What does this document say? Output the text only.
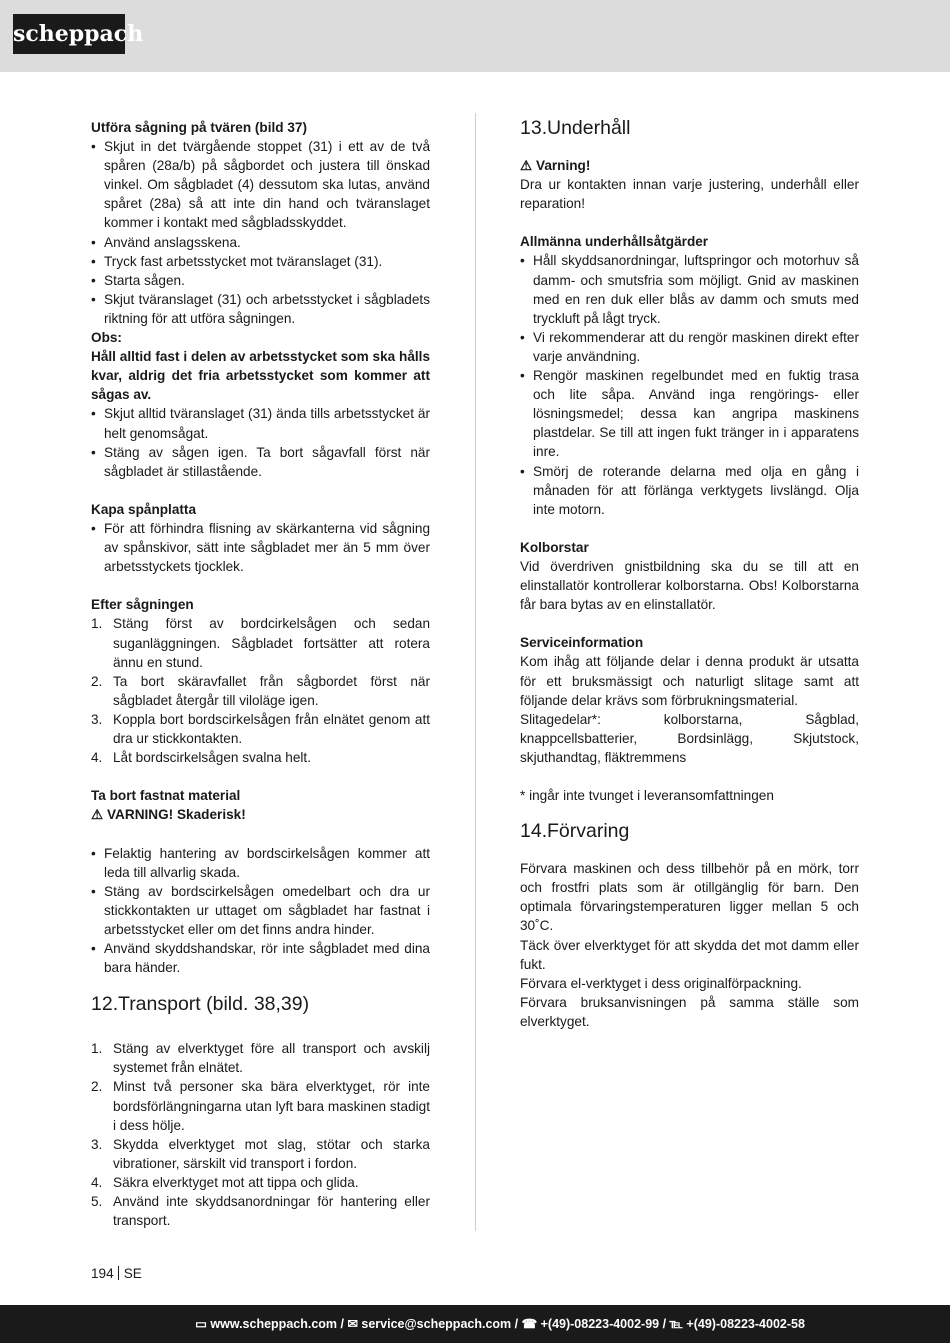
scheppach
Utföra sågning på tvären (bild 37)
• Skjut in det tvärgående stoppet (31) i ett av de två spåren (28a/b) på sågbordet och justera till önskad vinkel. Om sågbladet (4) dessutom ska lutas, använd spåret (28a) så att inte din hand och tväranslaget kommer i kontakt med sågbladsskyddet.
• Använd anslagsskena.
• Tryck fast arbetsstycket mot tväranslaget (31).
• Starta sågen.
• Skjut tväranslaget (31) och arbetsstycket i sågbladets riktning för att utföra sågningen.
Obs:
Håll alltid fast i delen av arbetsstycket som ska hålls kvar, aldrig det fria arbetsstycket som kommer att sågas av.
• Skjut alltid tväranslaget (31) ända tills arbetsstycket är helt genomsågat.
• Stäng av sågen igen. Ta bort sågavfall först när sågbladet är stillastående.
Kapa spånplatta
• För att förhindra flisning av skärkanterna vid sågning av spånskivor, sätt inte sågbladet mer än 5 mm över arbetsstyckets tjocklek.
Efter sågningen
1. Stäng först av bordcirkelsågen och sedan suganläggningen. Sågbladet fortsätter att rotera ännu en stund.
2. Ta bort skäravfallet från sågbordet först när sågbladet återgår till viloläge igen.
3. Koppla bort bordscirkelsågen från elnätet genom att dra ur stickkontakten.
4. Låt bordscirkelsågen svalna helt.
Ta bort fastnat material
⚠ VARNING! Skaderisk!
• Felaktig hantering av bordscirkelsågen kommer att leda till allvarlig skada.
• Stäng av bordscirkelsågen omedelbart och dra ur stickkontakten ur uttaget om sågbladet har fastnat i arbetsstycket eller om det finns andra hinder.
• Använd skyddshandskar, rör inte sågbladet med dina bara händer.
12.Transport (bild. 38,39)
1. Stäng av elverktyget före all transport och avskilj systemet från elnätet.
2. Minst två personer ska bära elverktyget, rör inte bordsförlängningarna utan lyft bara maskinen stadigt i dess hölje.
3. Skydda elverktyget mot slag, stötar och starka vibrationer, särskilt vid transport i fordon.
4. Säkra elverktyget mot att tippa och glida.
5. Använd inte skyddsanordningar för hantering eller transport.
13.Underhåll
⚠ Varning!
Dra ur kontakten innan varje justering, underhåll eller reparation!
Allmänna underhållsåtgärder
• Håll skyddsanordningar, luftspringor och motorhuv så damm- och smutsfria som möjligt. Gnid av maskinen med en ren duk eller blås av damm och smuts med tryckluft på lågt tryck.
• Vi rekommenderar att du rengör maskinen direkt efter varje användning.
• Rengör maskinen regelbundet med en fuktig trasa och lite såpa. Använd inga rengörings- eller lösningsmedel; dessa kan angripa maskinens plastdelar. Se till att ingen fukt tränger in i apparatens inre.
• Smörj de roterande delarna med olja en gång i månaden för att förlänga verktygets livslängd. Olja inte motorn.
Kolborstar
Vid överdriven gnistbildning ska du se till att en elinstallatör kontrollerar kolborstarna. Obs! Kolborstarna får bara bytas av en elinstallatör.
Serviceinformation
Kom ihåg att följande delar i denna produkt är utsatta för ett bruksmässigt och naturligt slitage samt att följande delar krävs som förbrukningsmaterial.
Slitagedelar*: kolborstarna, Sågblad, knappcellsbatterier, Bordsinlägg, Skjutstock, skjuthandtag, fläktremmens
* ingår inte tvunget i leveransomfattningen
14.Förvaring
Förvara maskinen och dess tillbehör på en mörk, torr och frostfri plats som är otillgänglig för barn. Den optimala förvaringstemperaturen ligger mellan 5 och 30˚C.
Täck över elverktyget för att skydda det mot damm eller fukt.
Förvara el-verktyget i dess originalförpackning.
Förvara bruksanvisningen på samma ställe som elverktyget.
194 SE
▭ www.scheppach.com / ✉ service@scheppach.com / ☎ +(49)-08223-4002-99 / ℡ +(49)-08223-4002-58
